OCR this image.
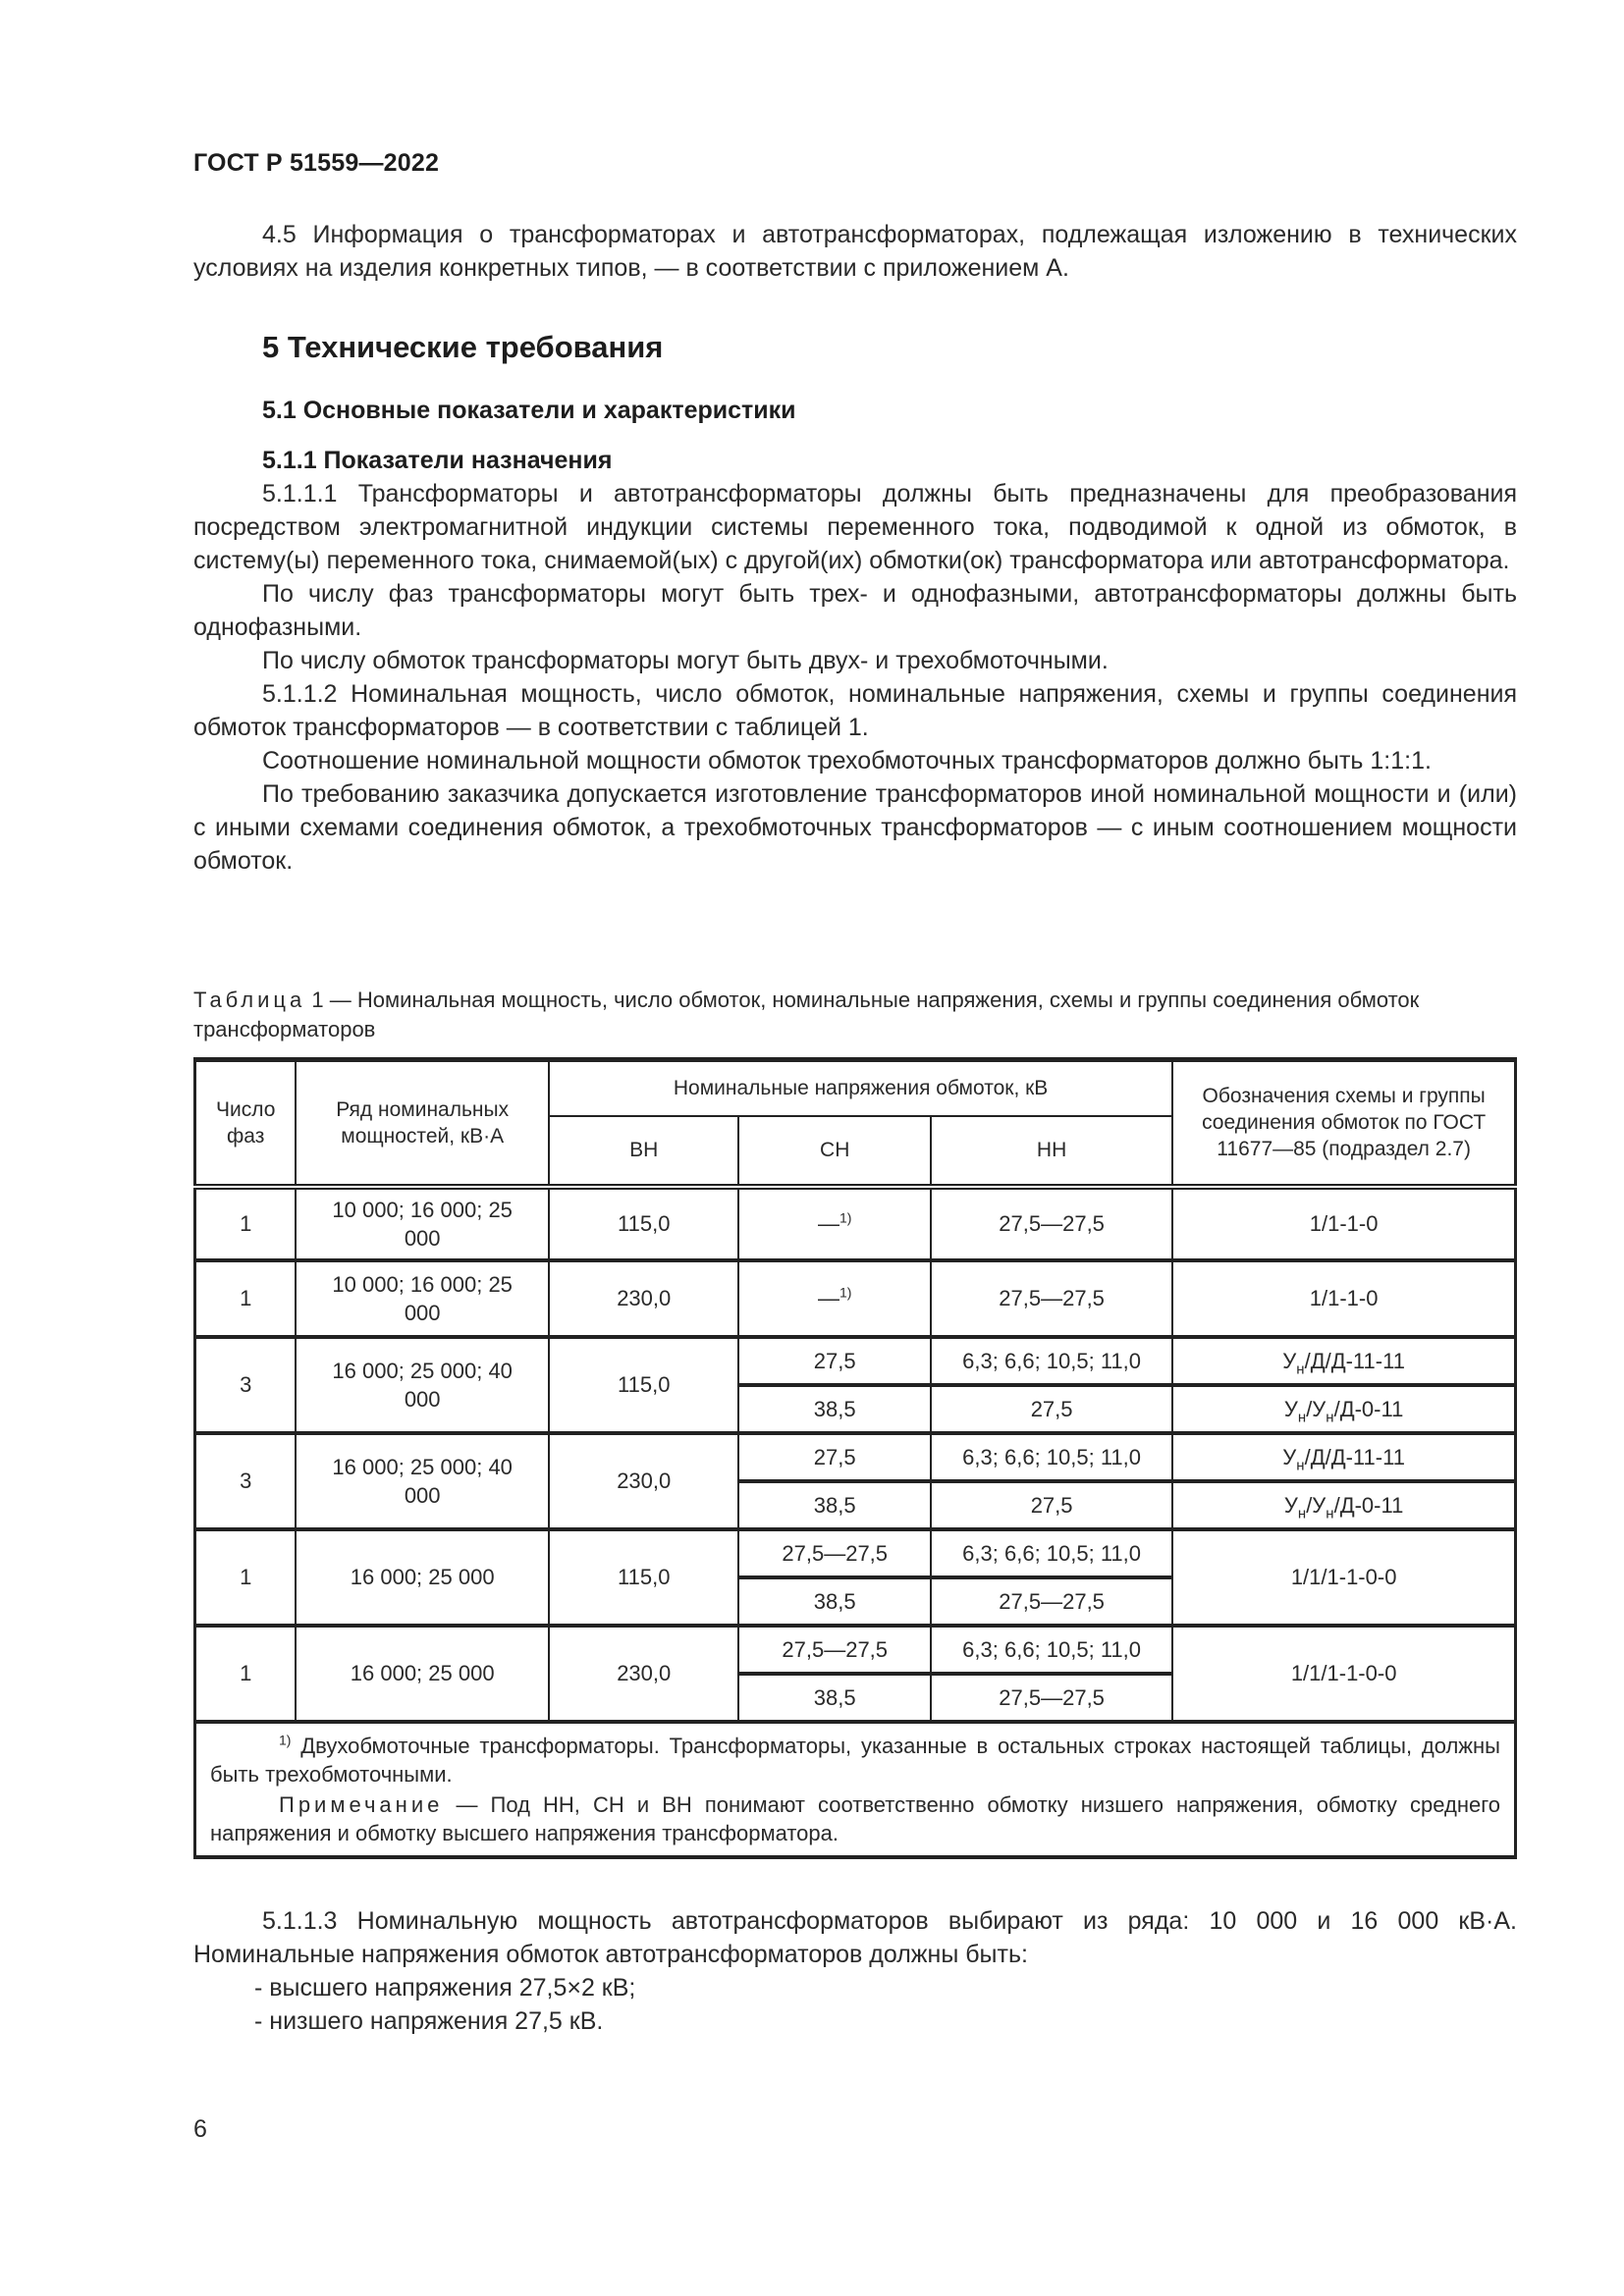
ГОСТ Р 51559—2022

4.5 Информация о трансформаторах и автотрансформаторах, подлежащая изложению в технических условиях на изделия конкретных типов, — в соответствии с приложением А.

5 Технические требования

5.1 Основные показатели и характеристики

5.1.1 Показатели назначения

5.1.1.1 Трансформаторы и автотрансформаторы должны быть предназначены для преобразования посредством электромагнитной индукции системы переменного тока, подводимой к одной из обмоток, в систему(ы) переменного тока, снимаемой(ых) с другой(их) обмотки(ок) трансформатора или автотрансформатора.

По числу фаз трансформаторы могут быть трех- и однофазными, автотрансформаторы должны быть однофазными.

По числу обмоток трансформаторы могут быть двух- и трехобмоточными.

5.1.1.2 Номинальная мощность, число обмоток, номинальные напряжения, схемы и группы соединения обмоток трансформаторов — в соответствии с таблицей 1.

Соотношение номинальной мощности обмоток трехобмоточных трансформаторов должно быть 1:1:1.

По требованию заказчика допускается изготовление трансформаторов иной номинальной мощности и (или) с иными схемами соединения обмоток, а трехобмоточных трансформаторов — с иным соотношением мощности обмоток.

Таблица 1 — Номинальная мощность, число обмоток, номинальные напряжения, схемы и группы соединения обмоток трансформаторов
Число фаз	Ряд номинальных мощностей, кВ·А	Номинальные напряжения обмоток, кВ			Обозначения схемы и группы соединения обмоток по ГОСТ 11677—85 (подраздел 2.7)
		ВН	СН	НН	
1	10 000; 16 000; 25 000	115,0	—$^{1)}$	27,5—27,5	1/1-1-0
1	10 000; 16 000; 25 000	230,0	—$^{1)}$	27,5—27,5	1/1-1-0
3	16 000; 25 000; 40 000	115,0	27,5	6,3; 6,6; 10,5; 11,0	$У_н/Д/Д-11-11$
			38,5	27,5	$У_н/У_н/Д-0-11$
3	16 000; 25 000; 40 000	230,0	27,5	6,3; 6,6; 10,5; 11,0	$У_н/Д/Д-11-11$
			38,5	27,5	$У_н/У_н/Д-0-11$
1	16 000; 25 000	115,0	27,5—27,5	6,3; 6,6; 10,5; 11,0	1/1/1-1-0-0
			38,5	27,5—27,5	
1	16 000; 25 000	230,0	27,5—27,5	6,3; 6,6; 10,5; 11,0	1/1/1-1-0-0
			38,5	27,5—27,5	

$^{1)}$ Двухобмоточные трансформаторы. Трансформаторы, указанные в остальных строках настоящей таблицы, должны быть трехобмоточными.

Примечание — Под НН, СН и ВН понимают соответственно обмотку низшего напряжения, обмотку среднего напряжения и обмотку высшего напряжения трансформатора.					

5.1.1.3 Номинальную мощность автотрансформаторов выбирают из ряда: 10 000 и 16 000 кВ·А. Номинальные напряжения обмоток автотрансформаторов должны быть:

- высшего напряжения 27,5×2 кВ;

- низшего напряжения 27,5 кВ.

6
